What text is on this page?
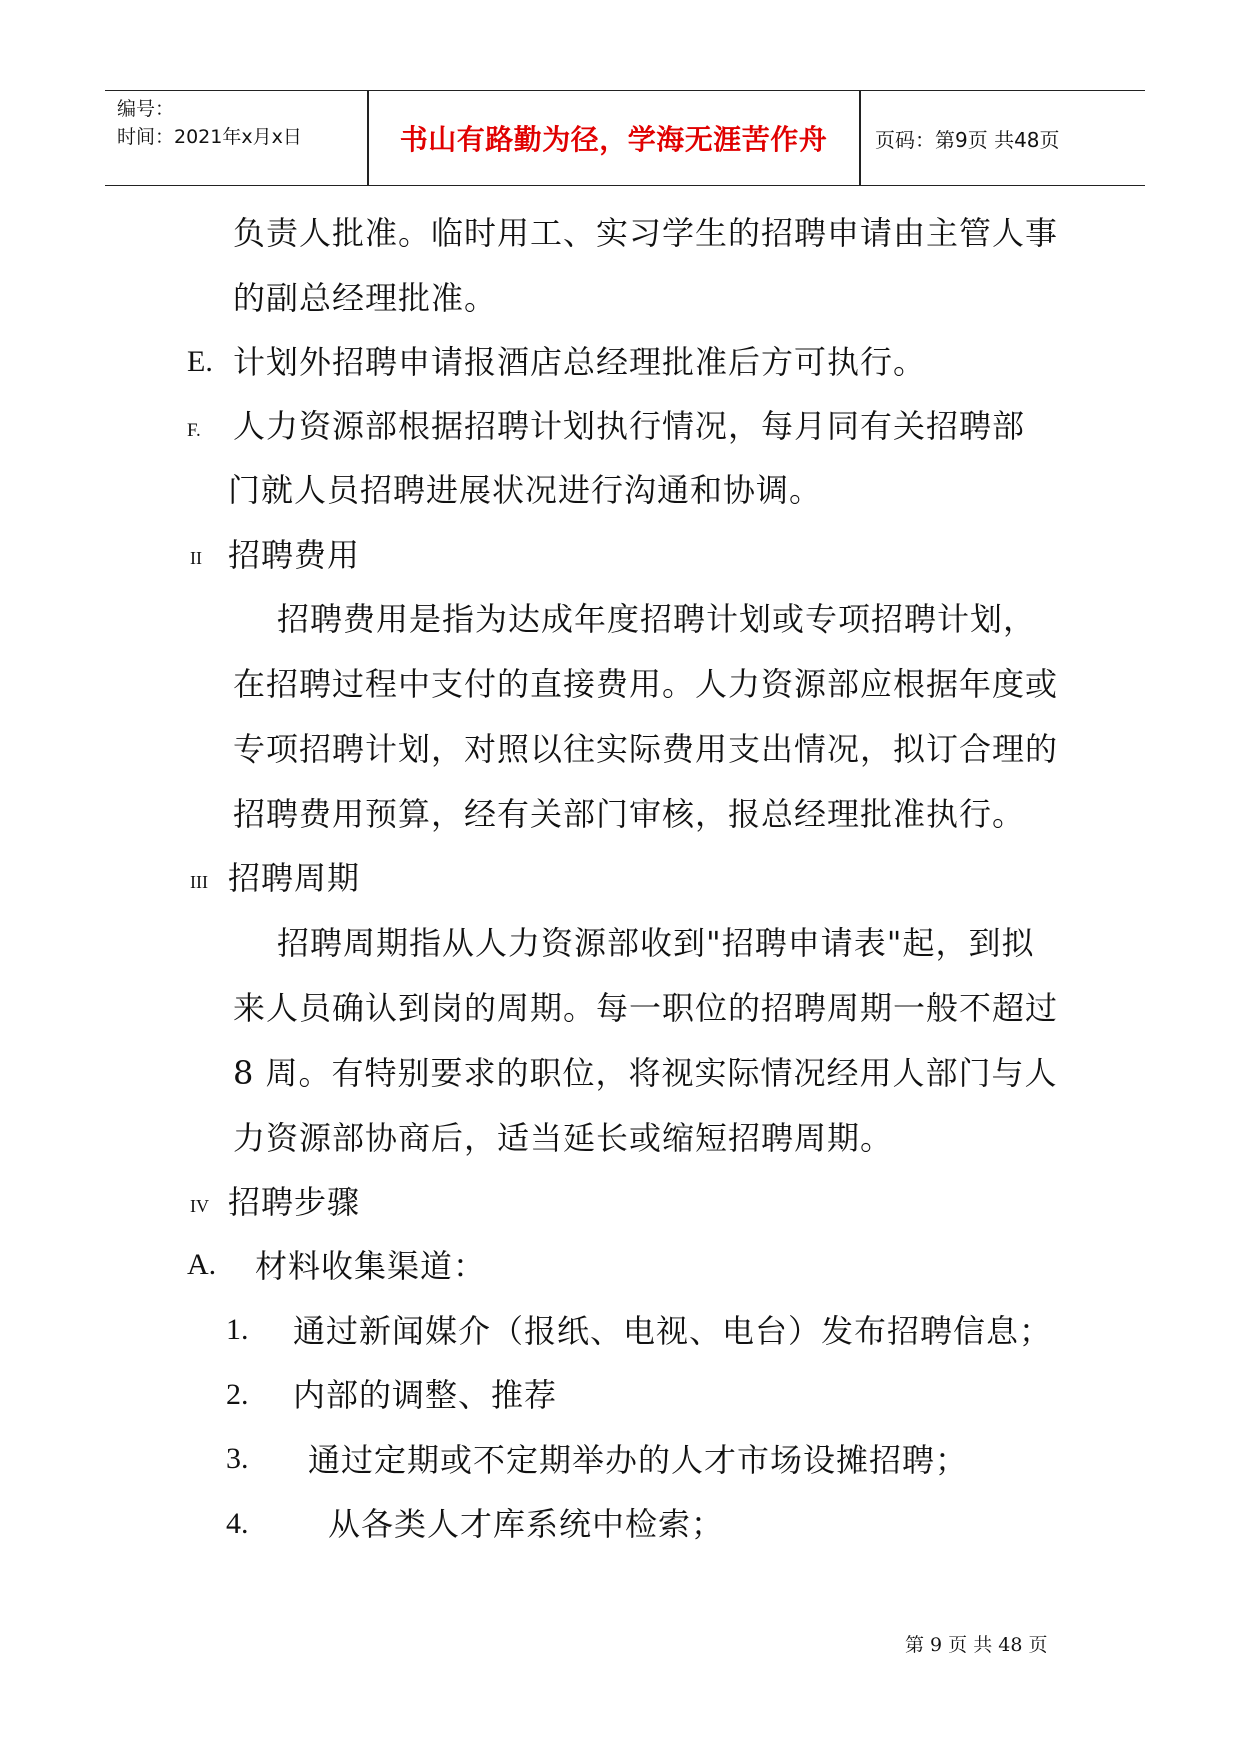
编号：
时间：2021年x月x日	书山有路勤为径，学海无涯苦作舟	页码：第9页 共48页
负责人批准。临时用工、实习学生的招聘申请由主管人事
的副总经理批准。
E. 计划外招聘申请报酒店总经理批准后方可执行。
F. 人力资源部根据招聘计划执行情况，每月同有关招聘部
门就人员招聘进展状况进行沟通和协调。
II 招聘费用
招聘费用是指为达成年度招聘计划或专项招聘计划，
在招聘过程中支付的直接费用。人力资源部应根据年度或
专项招聘计划，对照以往实际费用支出情况，拟订合理的
招聘费用预算，经有关部门审核，报总经理批准执行。
III 招聘周期
招聘周期指从人力资源部收到"招聘申请表"起，到拟
来人员确认到岗的周期。每一职位的招聘周期一般不超过
8 周。有特别要求的职位，将视实际情况经用人部门与人
力资源部协商后，适当延长或缩短招聘周期。
IV 招聘步骤
A. 材料收集渠道：
1. 通过新闻媒介（报纸、电视、电台）发布招聘信息；
2. 内部的调整、推荐
3. 通过定期或不定期举办的人才市场设摊招聘；
4. 从各类人才库系统中检索；
第 9 页 共 48 页
